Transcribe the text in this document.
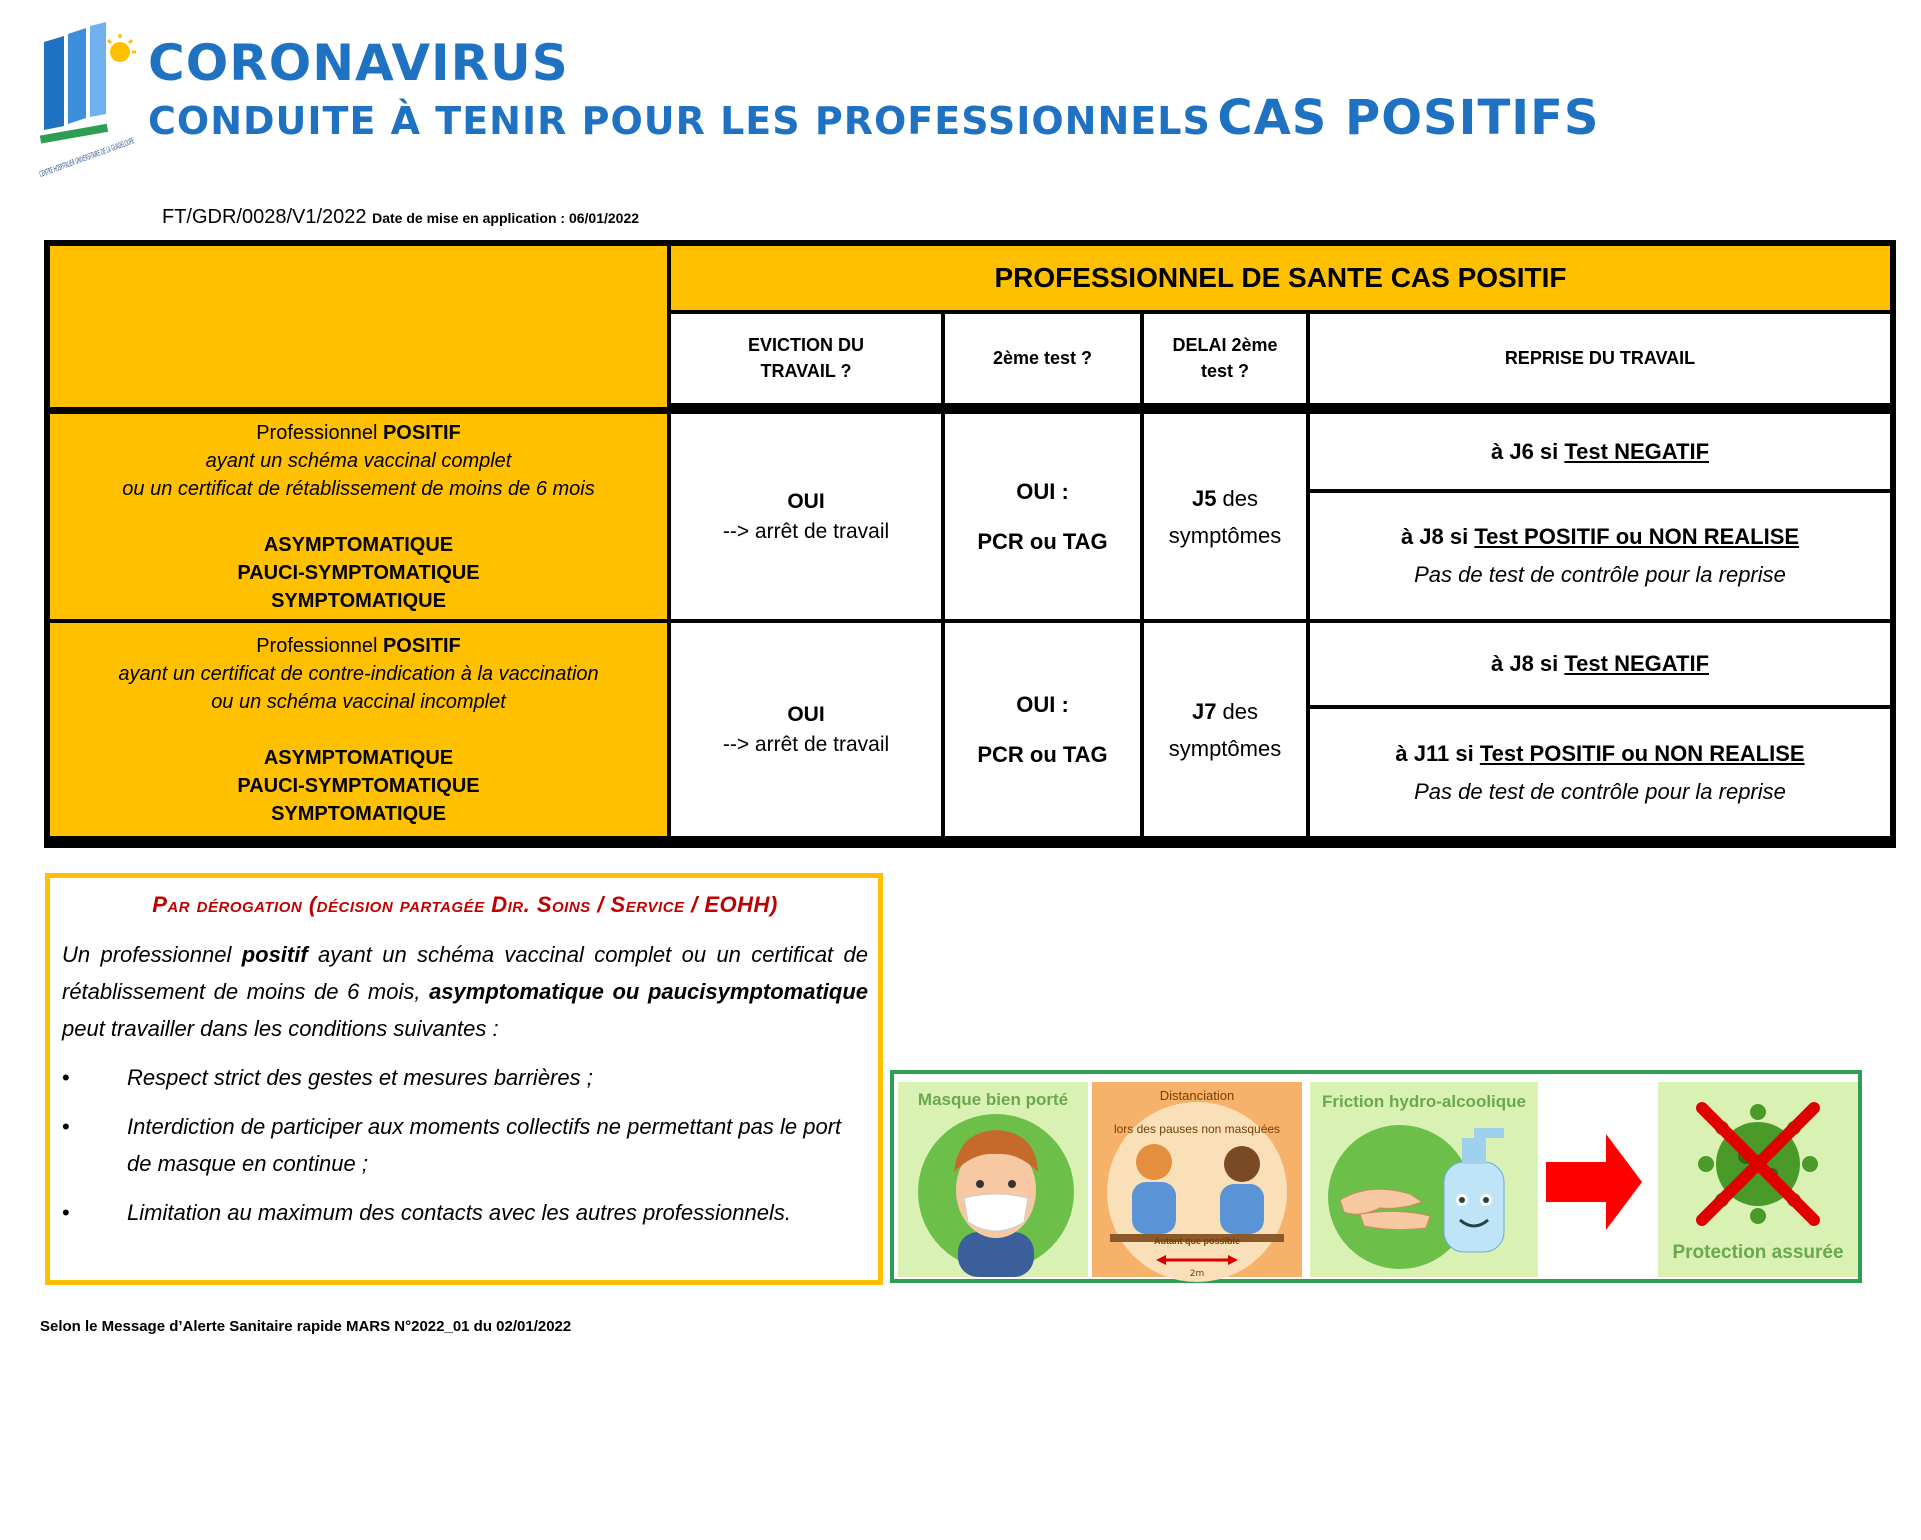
CENTRE HOSPITALIER UNIVERSITAIRE DE LA GUADELOUPE
CORONAVIRUS
CONDUITE À TENIR POUR LES PROFESSIONNELS CAS POSITIFS
FT/GDR/0028/V1/2022 Date de mise en application : 06/01/2022
PROFESSIONNEL DE SANTE CAS POSITIF
EVICTION DU
TRAVAIL ?
2ème test ?
DELAI 2ème
test ?
REPRISE DU TRAVAIL
Professionnel POSITIF
ayant un schéma vaccinal complet
ou un certificat de rétablissement de moins de 6 mois
ASYMPTOMATIQUE
PAUCI-SYMPTOMATIQUE
SYMPTOMATIQUE
OUI
--> arrêt de travail
OUI :
PCR ou TAG
J5 des
symptômes
à J6 si Test NEGATIF
à J8 si Test POSITIF ou NON REALISE
Pas de test de contrôle pour la reprise
Professionnel POSITIF
ayant un certificat de contre-indication à la vaccination
ou un schéma vaccinal incomplet
ASYMPTOMATIQUE
PAUCI-SYMPTOMATIQUE
SYMPTOMATIQUE
OUI
--> arrêt de travail
OUI :
PCR ou TAG
J7 des
symptômes
à J8 si Test NEGATIF
à J11 si Test POSITIF ou NON REALISE
Pas de test de contrôle pour la reprise
Par dérogation (décision partagée Dir. Soins / Service / EOHH)

Un professionnel positif ayant un schéma vaccinal complet ou un certificat de rétablissement de moins de 6 mois, asymptomatique ou paucisymptomatique peut travailler dans les conditions suivantes :

• Respect strict des gestes et mesures barrières ;
• Interdiction de participer aux moments collectifs ne permettant pas le port de masque en continue ;
• Limitation au maximum des contacts avec les autres professionnels.
Masque bien porté	Distanciation
lors des pauses non masquées
2m
Autant que possible
Friction hydro-alcoolique
Protection assurée
Selon le Message d’Alerte Sanitaire rapide MARS N°2022_01 du 02/01/2022
